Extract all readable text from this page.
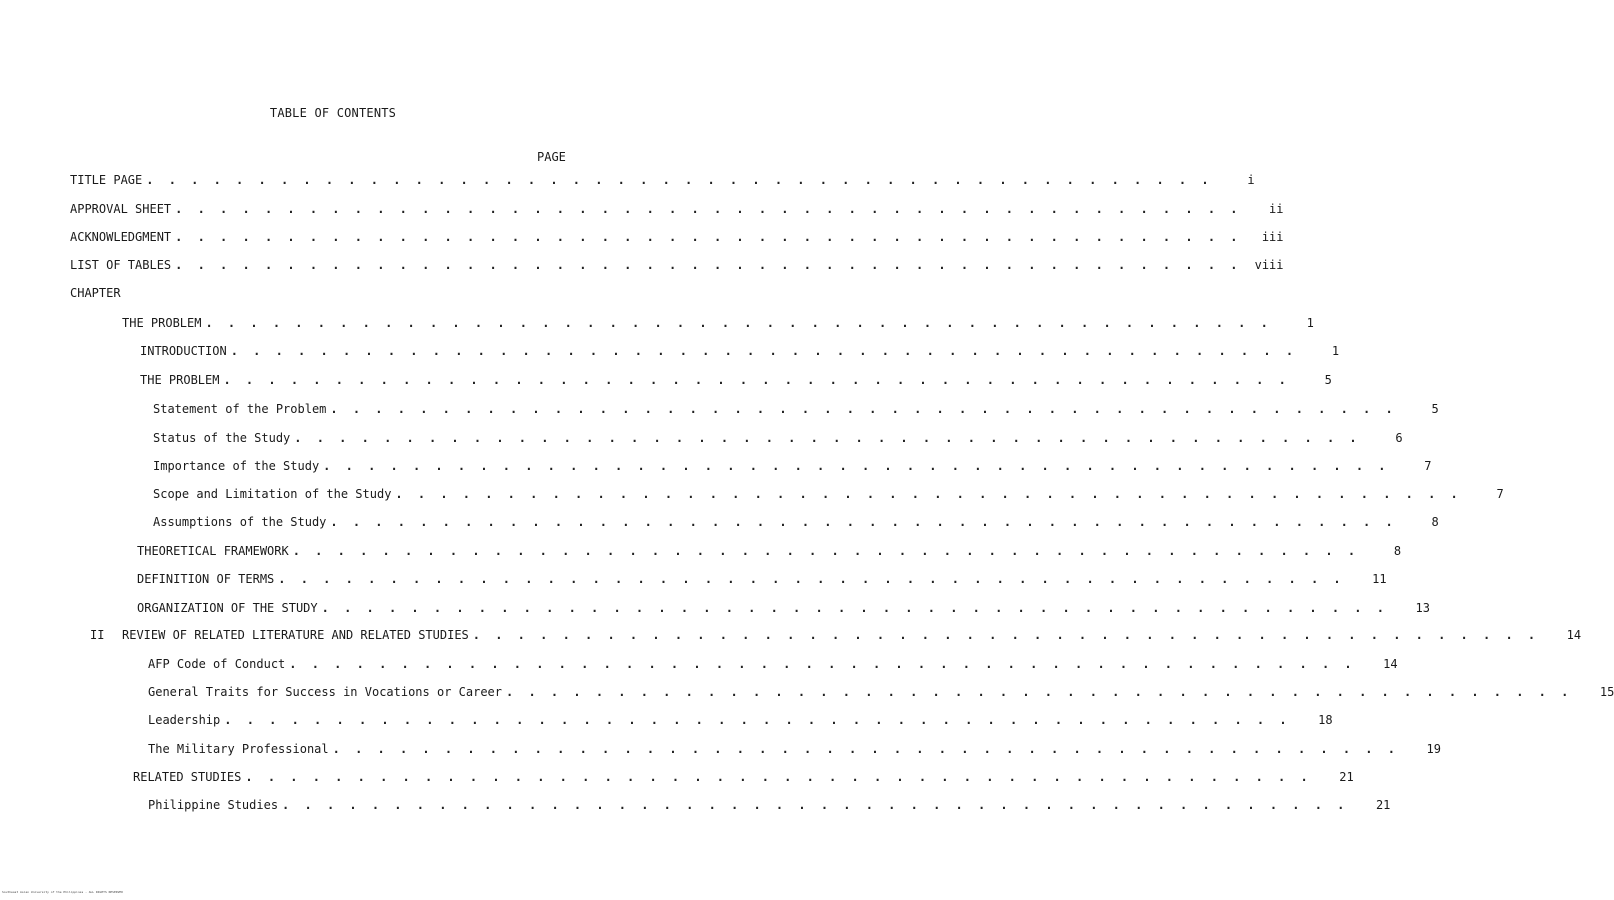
TABLE OF CONTENTS
PAGE
TITLE PAGE . . . . . . . . . . . . . . . . . . . . . . . . . . . . . . . . . . . . . . . . . . . . . . . .	i
APPROVAL SHEET . . . . . . . . . . . . . . . . . . . . . . . . . . . . . . . . . . . . . . . . . . . . . . . .	ii
ACKNOWLEDGMENT . . . . . . . . . . . . . . . . . . . . . . . . . . . . . . . . . . . . . . . . . . . . . . . .	iii
LIST OF TABLES . . . . . . . . . . . . . . . . . . . . . . . . . . . . . . . . . . . . . . . . . . . . . . . .	viii
CHAPTER
THE PROBLEM . . . . . . . . . . . . . . . . . . . . . . . . . . . . . . . . . . . . . . . . . . . . . . . .	1
INTRODUCTION . . . . . . . . . . . . . . . . . . . . . . . . . . . . . . . . . . . . . . . . . . . . . . . .	1
THE PROBLEM . . . . . . . . . . . . . . . . . . . . . . . . . . . . . . . . . . . . . . . . . . . . . . . .	5
Statement of the Problem . . . . . . . . . . . . . . . . . . . . . . . . . . . . . . . . . . . . . . . . . . . . . . . .	5
Status of the Study . . . . . . . . . . . . . . . . . . . . . . . . . . . . . . . . . . . . . . . . . . . . . . . .	6
Importance of the Study . . . . . . . . . . . . . . . . . . . . . . . . . . . . . . . . . . . . . . . . . . . . . . . .	7
Scope and Limitation of the Study . . . . . . . . . . . . . . . . . . . . . . . . . . . . . . . . . . . . . . . . . . . . . . . .	7
Assumptions of the Study . . . . . . . . . . . . . . . . . . . . . . . . . . . . . . . . . . . . . . . . . . . . . . . .	8
THEORETICAL FRAMEWORK . . . . . . . . . . . . . . . . . . . . . . . . . . . . . . . . . . . . . . . . . . . . . . . .	8
DEFINITION OF TERMS . . . . . . . . . . . . . . . . . . . . . . . . . . . . . . . . . . . . . . . . . . . . . . . .	11
ORGANIZATION OF THE STUDY . . . . . . . . . . . . . . . . . . . . . . . . . . . . . . . . . . . . . . . . . . . . . . . .	13
II	REVIEW OF RELATED LITERATURE AND RELATED STUDIES . . . . . . . . . . . . . . . . . . . . . . . . . . . . . . . . . . . . . . . . . . . . . . . .	14
AFP Code of Conduct . . . . . . . . . . . . . . . . . . . . . . . . . . . . . . . . . . . . . . . . . . . . . . . .	14
General Traits for Success in Vocations or Career . . . . . . . . . . . . . . . . . . . . . . . . . . . . . . . . . . . . . . . . . . . . . . . .	15
Leadership . . . . . . . . . . . . . . . . . . . . . . . . . . . . . . . . . . . . . . . . . . . . . . . .	18
The Military Professional . . . . . . . . . . . . . . . . . . . . . . . . . . . . . . . . . . . . . . . . . . . . . . . .	19
RELATED STUDIES . . . . . . . . . . . . . . . . . . . . . . . . . . . . . . . . . . . . . . . . . . . . . . . .	21
Philippine Studies . . . . . . . . . . . . . . . . . . . . . . . . . . . . . . . . . . . . . . . . . . . . . . . .	21
Southeast Asian University of the Philippines · ALL RIGHTS RESERVED
